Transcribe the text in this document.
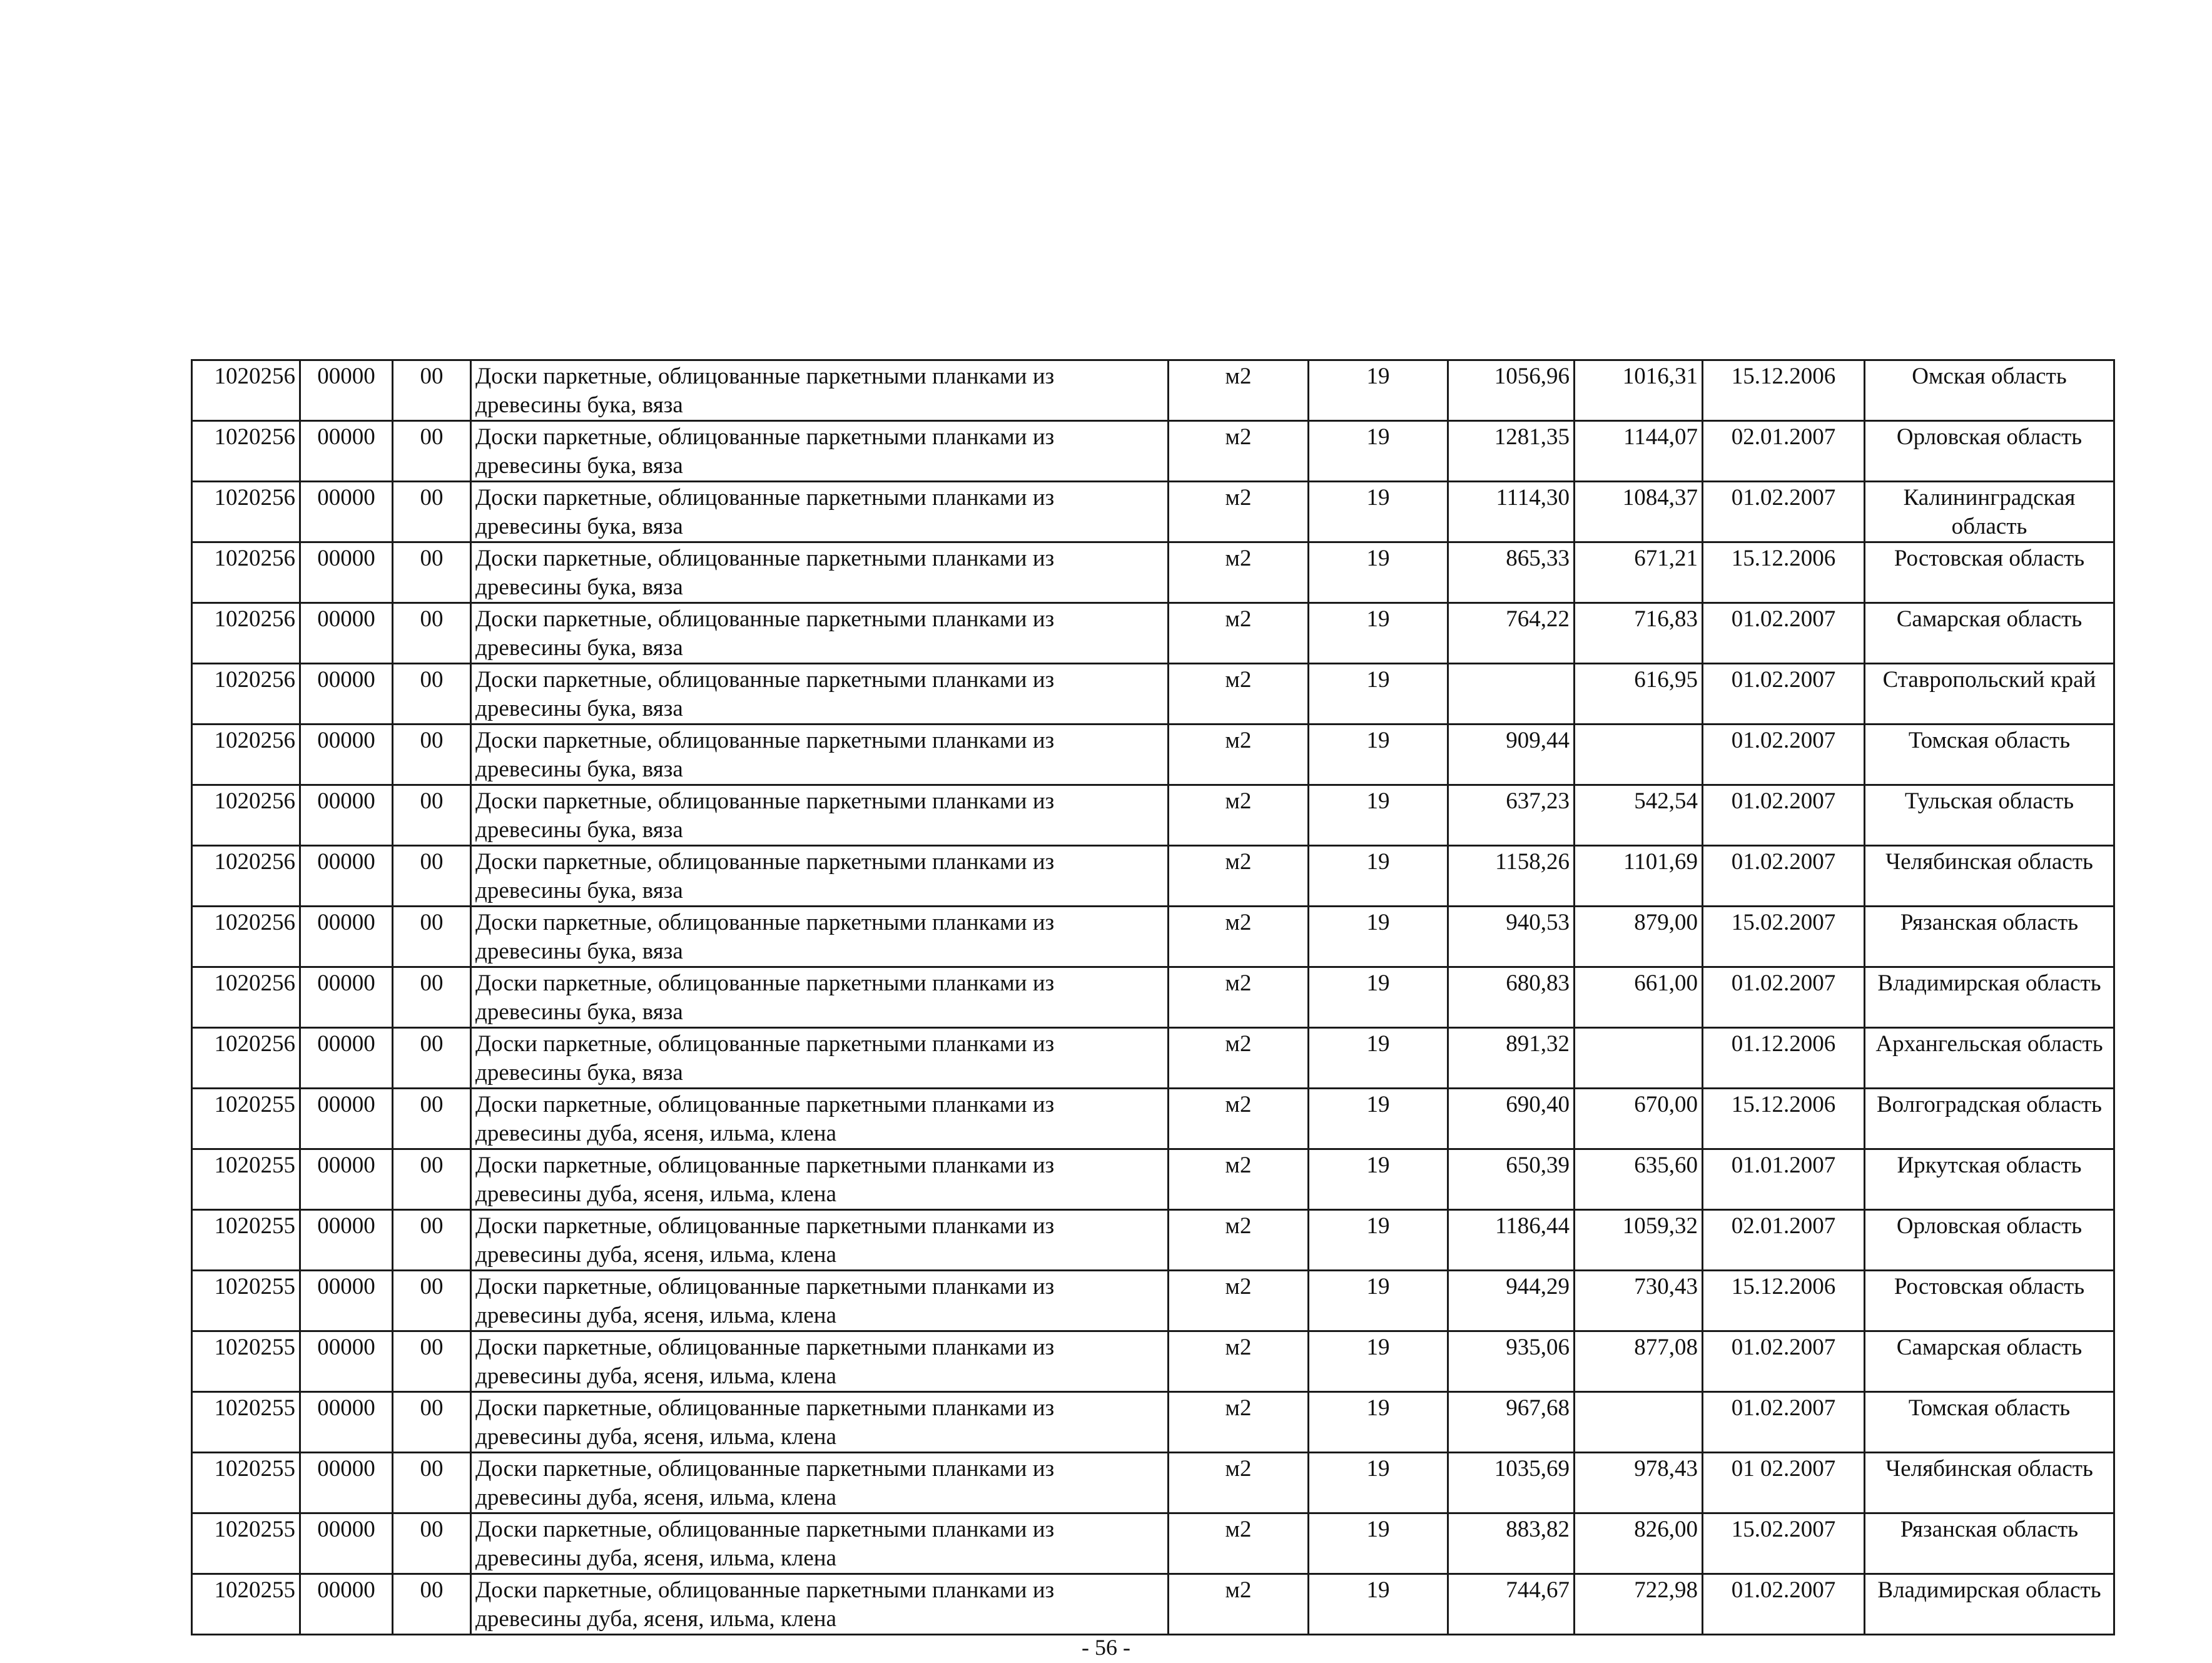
1020256	00000	00	Доски паркетные, облицованные паркетными планками из древесины бука, вяза	м2	19	1056,96	1016,31	15.12.2006	Омская область
1020256	00000	00	Доски паркетные, облицованные паркетными планками из древесины бука, вяза	м2	19	1281,35	1144,07	02.01.2007	Орловская область
1020256	00000	00	Доски паркетные, облицованные паркетными планками из древесины бука, вяза	м2	19	1114,30	1084,37	01.02.2007	Калининградская область
1020256	00000	00	Доски паркетные, облицованные паркетными планками из древесины бука, вяза	м2	19	865,33	671,21	15.12.2006	Ростовская область
1020256	00000	00	Доски паркетные, облицованные паркетными планками из древесины бука, вяза	м2	19	764,22	716,83	01.02.2007	Самарская область
1020256	00000	00	Доски паркетные, облицованные паркетными планками из древесины бука, вяза	м2	19		616,95	01.02.2007	Ставропольский край
1020256	00000	00	Доски паркетные, облицованные паркетными планками из древесины бука, вяза	м2	19	909,44		01.02.2007	Томская область
1020256	00000	00	Доски паркетные, облицованные паркетными планками из древесины бука, вяза	м2	19	637,23	542,54	01.02.2007	Тульская область
1020256	00000	00	Доски паркетные, облицованные паркетными планками из древесины бука, вяза	м2	19	1158,26	1101,69	01.02.2007	Челябинская область
1020256	00000	00	Доски паркетные, облицованные паркетными планками из древесины бука, вяза	м2	19	940,53	879,00	15.02.2007	Рязанская область
1020256	00000	00	Доски паркетные, облицованные паркетными планками из древесины бука, вяза	м2	19	680,83	661,00	01.02.2007	Владимирская область
1020256	00000	00	Доски паркетные, облицованные паркетными планками из древесины бука, вяза	м2	19	891,32		01.12.2006	Архангельская область
1020255	00000	00	Доски паркетные, облицованные паркетными планками из древесины дуба, ясеня, ильма, клена	м2	19	690,40	670,00	15.12.2006	Волгоградская область
1020255	00000	00	Доски паркетные, облицованные паркетными планками из древесины дуба, ясеня, ильма, клена	м2	19	650,39	635,60	01.01.2007	Иркутская область
1020255	00000	00	Доски паркетные, облицованные паркетными планками из древесины дуба, ясеня, ильма, клена	м2	19	1186,44	1059,32	02.01.2007	Орловская область
1020255	00000	00	Доски паркетные, облицованные паркетными планками из древесины дуба, ясеня, ильма, клена	м2	19	944,29	730,43	15.12.2006	Ростовская область
1020255	00000	00	Доски паркетные, облицованные паркетными планками из древесины дуба, ясеня, ильма, клена	м2	19	935,06	877,08	01.02.2007	Самарская область
1020255	00000	00	Доски паркетные, облицованные паркетными планками из древесины дуба, ясеня, ильма, клена	м2	19	967,68		01.02.2007	Томская область
1020255	00000	00	Доски паркетные, облицованные паркетными планками из древесины дуба, ясеня, ильма, клена	м2	19	1035,69	978,43	01 02.2007	Челябинская область
1020255	00000	00	Доски паркетные, облицованные паркетными планками из древесины дуба, ясеня, ильма, клена	м2	19	883,82	826,00	15.02.2007	Рязанская область
1020255	00000	00	Доски паркетные, облицованные паркетными планками из древесины дуба, ясеня, ильма, клена	м2	19	744,67	722,98	01.02.2007	Владимирская область
- 56 -
